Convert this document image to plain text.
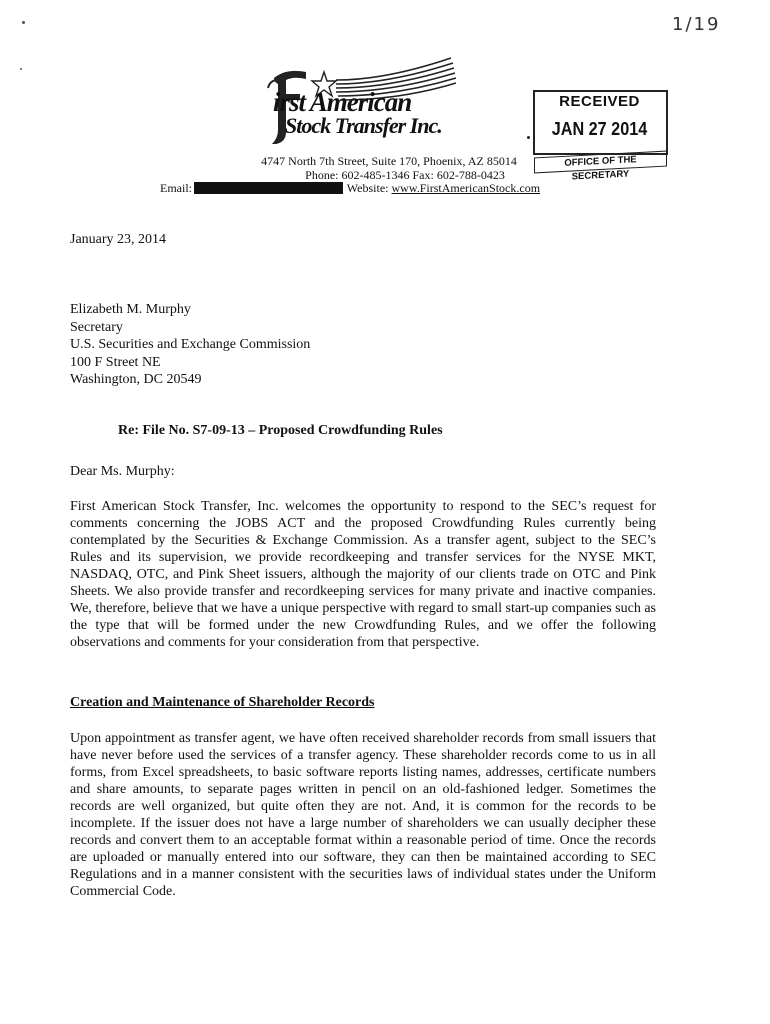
1/19
irst American
Stock Transfer Inc.
4747 North 7th Street, Suite 170, Phoenix, AZ 85014
Phone: 602-485-1346 Fax: 602-788-0423
Email:	Website: www.FirstAmericanStock.com
RECEIVED
JAN 27 2014
OFFICE OF THE SECRETARY
January 23, 2014
Elizabeth M. Murphy
Secretary
U.S. Securities and Exchange Commission
100 F Street NE
Washington, DC 20549
Re: File No. S7-09-13 – Proposed Crowdfunding Rules
Dear Ms. Murphy:
First American Stock Transfer, Inc. welcomes the opportunity to respond to the SEC’s request for comments concerning the JOBS ACT and the proposed Crowdfunding Rules currently being contemplated by the Securities & Exchange Commission. As a transfer agent, subject to the SEC’s Rules and its supervision, we provide recordkeeping and transfer services for the NYSE MKT, NASDAQ, OTC, and Pink Sheet issuers, although the majority of our clients trade on OTC and Pink Sheets. We also provide transfer and recordkeeping services for many private and inactive companies. We, therefore, believe that we have a unique perspective with regard to small start-up companies such as the type that will be formed under the new Crowdfunding Rules, and we offer the following observations and comments for your consideration from that perspective.
Creation and Maintenance of Shareholder Records
Upon appointment as transfer agent, we have often received shareholder records from small issuers that have never before used the services of a transfer agency. These shareholder records come to us in all forms, from Excel spreadsheets, to basic software reports listing names, addresses, certificate numbers and share amounts, to separate pages written in pencil on an old-fashioned ledger. Sometimes the records are well organized, but quite often they are not. And, it is common for the records to be incomplete. If the issuer does not have a large number of shareholders we can usually decipher these records and convert them to an acceptable format within a reasonable period of time. Once the records are uploaded or manually entered into our software, they can then be maintained according to SEC Regulations and in a manner consistent with the securities laws of individual states under the Uniform Commercial Code.
